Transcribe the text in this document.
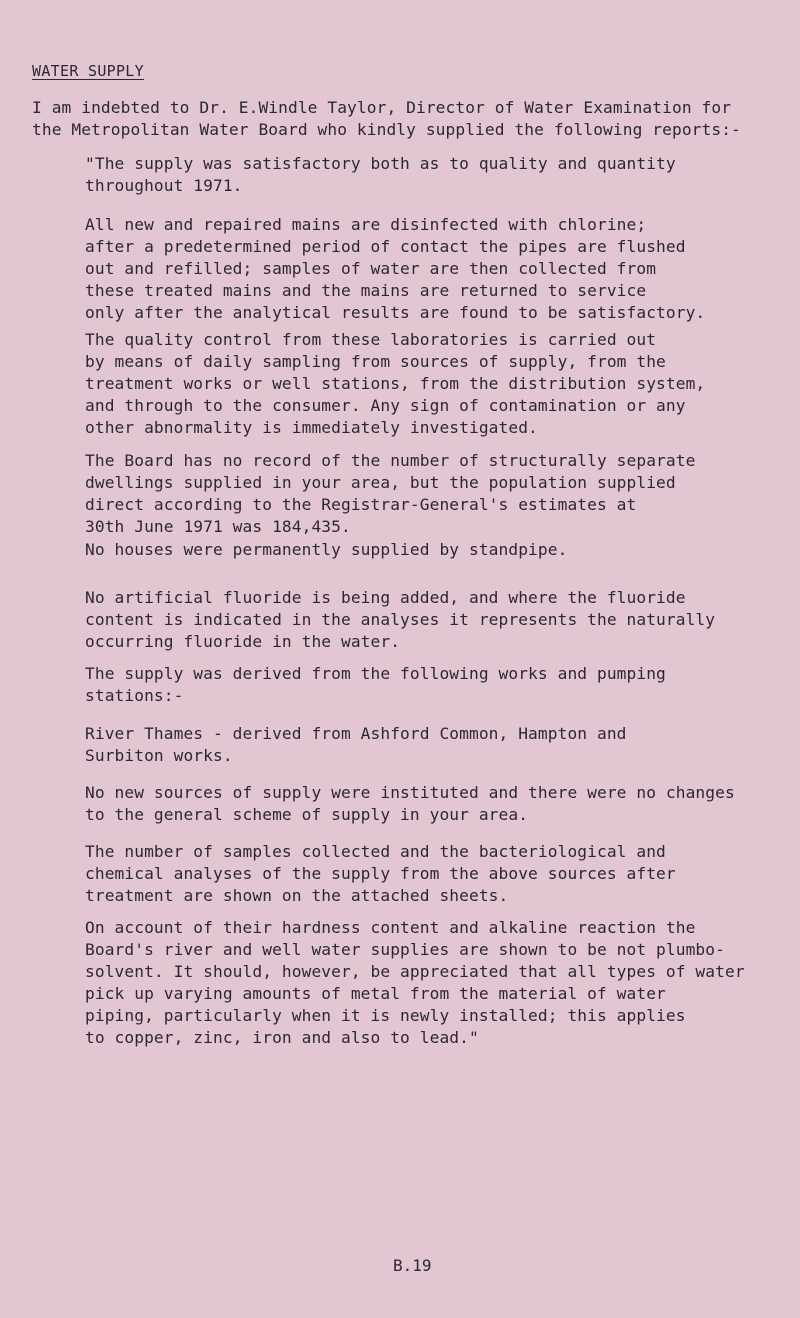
WATER SUPPLY
I am indebted to Dr. E.Windle Taylor, Director of Water Examination for
the Metropolitan Water Board who kindly supplied the following reports:-
"The supply was satisfactory both as to quality and quantity
throughout 1971.
All new and repaired mains are disinfected with chlorine;
after a predetermined period of contact the pipes are flushed
out and refilled; samples of water are then collected from
these treated mains and the mains are returned to service
only after the analytical results are found to be satisfactory.
The quality control from these laboratories is carried out
by means of daily sampling from sources of supply, from the
treatment works or well stations, from the distribution system,
and through to the consumer. Any sign of contamination or any
other abnormality is immediately investigated.
The Board has no record of the number of structurally separate
dwellings supplied in your area, but the population supplied
direct according to the Registrar-General's estimates at
30th June 1971 was 184,435.
No houses were permanently supplied by standpipe.
No artificial fluoride is being added, and where the fluoride
content is indicated in the analyses it represents the naturally
occurring fluoride in the water.
The supply was derived from the following works and pumping
stations:-
River Thames - derived from Ashford Common, Hampton and
Surbiton works.
No new sources of supply were instituted and there were no changes
to the general scheme of supply in your area.
The number of samples collected and the bacteriological and
chemical analyses of the supply from the above sources after
treatment are shown on the attached sheets.
On account of their hardness content and alkaline reaction the
Board's river and well water supplies are shown to be not plumbo-
solvent. It should, however, be appreciated that all types of water
pick up varying amounts of metal from the material of water
piping, particularly when it is newly installed; this applies
to copper, zinc, iron and also to lead."
B.19
